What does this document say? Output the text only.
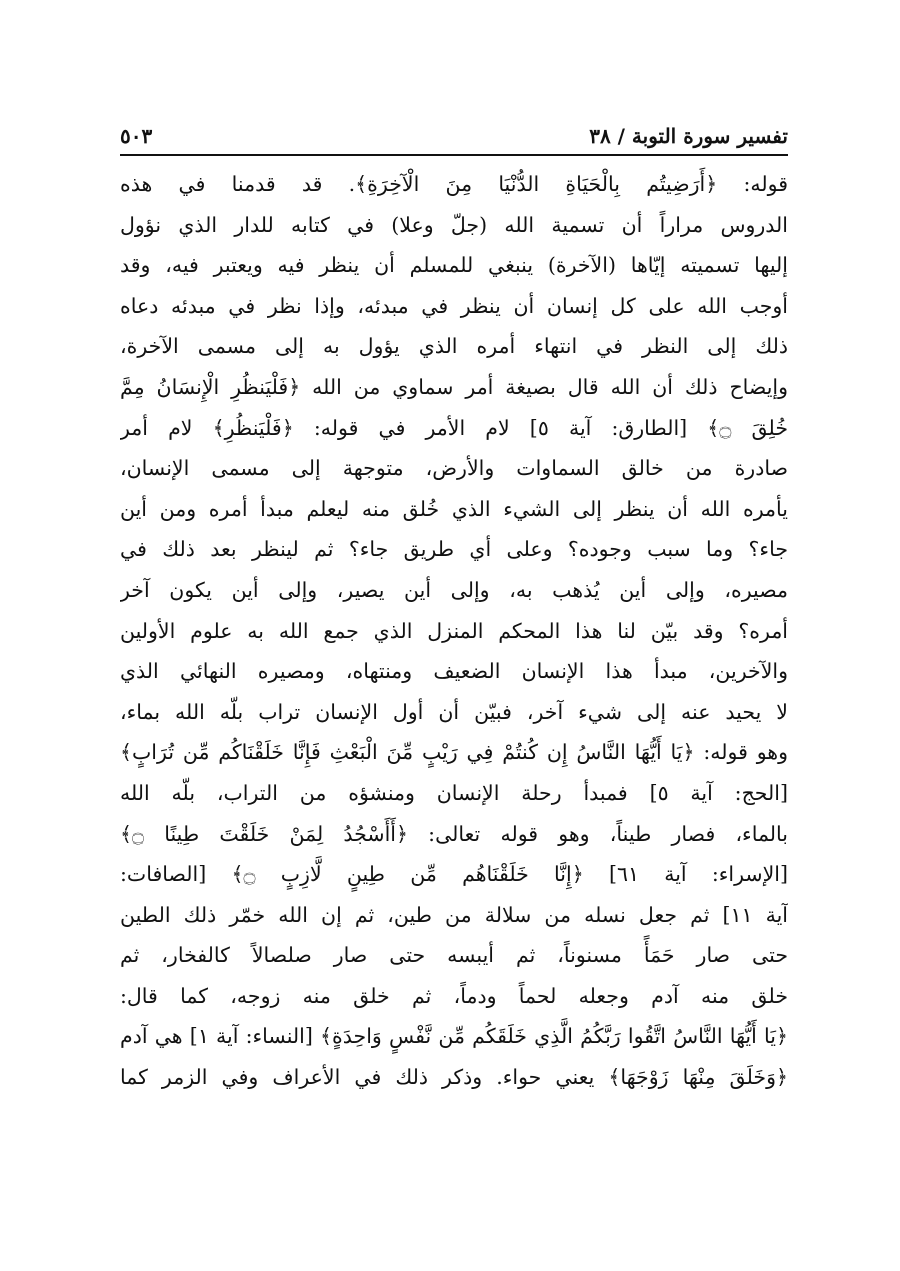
تفسير سورة التوبة / ٣٨
٥٠٣
قوله: ﴿أَرَضِيتُم بِالْحَيَاةِ الدُّنْيَا مِنَ الْآخِرَةِ﴾. قد قدمنا في هذه
الدروس مراراً أن تسمية الله (جلّ وعلا) في كتابه للدار الذي نؤول
إليها تسميته إيّاها (الآخرة) ينبغي للمسلم أن ينظر فيه ويعتبر فيه، وقد
أوجب الله على كل إنسان أن ينظر في مبدئه، وإذا نظر في مبدئه دعاه
ذلك إلى النظر في انتهاء أمره الذي يؤول به إلى مسمى الآخرة،
وإيضاح ذلك أن الله قال بصيغة أمر سماوي من الله ﴿فَلْيَنظُرِ الْإِنسَانُ مِمَّ
خُلِقَ ۝﴾ [الطارق: آية ٥] لام الأمر في قوله: ﴿فَلْيَنظُرِ﴾ لام أمر
صادرة من خالق السماوات والأرض، متوجهة إلى مسمى الإنسان،
يأمره الله أن ينظر إلى الشيء الذي خُلق منه ليعلم مبدأ أمره ومن أين
جاء؟ وما سبب وجوده؟ وعلى أي طريق جاء؟ ثم لينظر بعد ذلك في
مصيره، وإلى أين يُذهب به، وإلى أين يصير، وإلى أين يكون آخر
أمره؟ وقد بيّن لنا هذا المحكم المنزل الذي جمع الله به علوم الأولين
والآخرين، مبدأ هذا الإنسان الضعيف ومنتهاه، ومصيره النهائي الذي
لا يحيد عنه إلى شيء آخر، فبيّن أن أول الإنسان تراب بلّه الله بماء،
وهو قوله: ﴿يَا أَيُّهَا النَّاسُ إِن كُنتُمْ فِي رَيْبٍ مِّنَ الْبَعْثِ فَإِنَّا خَلَقْنَاكُم مِّن تُرَابٍ﴾
[الحج: آية ٥] فمبدأ رحلة الإنسان ومنشؤه من التراب، بلّه الله
بالماء، فصار طيناً، وهو قوله تعالى: ﴿أَأَسْجُدُ لِمَنْ خَلَقْتَ طِينًا ۝﴾
[الإسراء: آية ٦١] ﴿إِنَّا خَلَقْنَاهُم مِّن طِينٍ لَّازِبٍ ۝﴾ [الصافات:
آية ١١] ثم جعل نسله من سلالة من طين، ثم إن الله خمّر ذلك الطين
حتى صار حَمَأً مسنوناً، ثم أيبسه حتى صار صلصالاً كالفخار، ثم
خلق منه آدم وجعله لحماً ودماً، ثم خلق منه زوجه، كما قال:
﴿يَا أَيُّهَا النَّاسُ اتَّقُوا رَبَّكُمُ الَّذِي خَلَقَكُم مِّن نَّفْسٍ وَاحِدَةٍ﴾ [النساء: آية ١] هي آدم
﴿وَخَلَقَ مِنْهَا زَوْجَهَا﴾ يعني حواء. وذكر ذلك في الأعراف وفي الزمر كما
